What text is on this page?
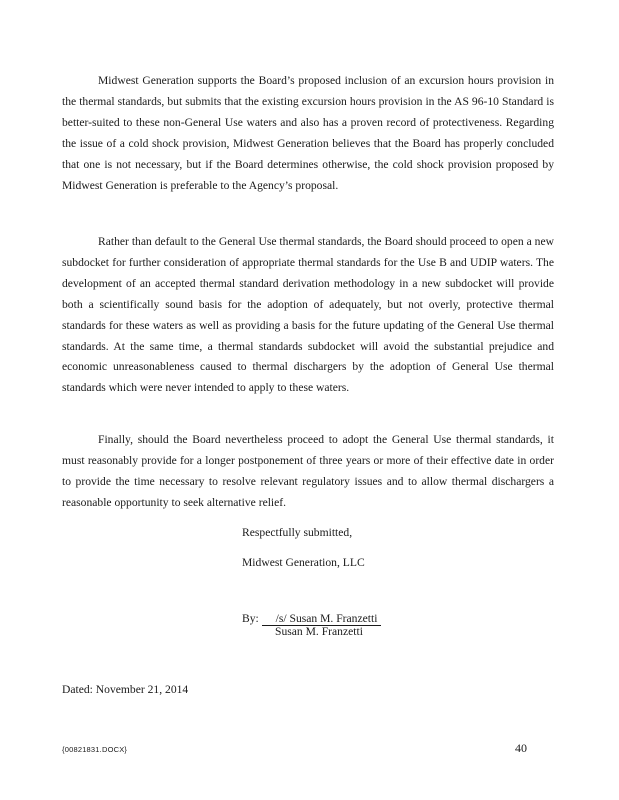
Midwest Generation supports the Board’s proposed inclusion of an excursion hours provision in the thermal standards, but submits that the existing excursion hours provision in the AS 96-10 Standard is better-suited to these non-General Use waters and also has a proven record of protectiveness. Regarding the issue of a cold shock provision, Midwest Generation believes that the Board has properly concluded that one is not necessary, but if the Board determines otherwise, the cold shock provision proposed by Midwest Generation is preferable to the Agency’s proposal.

Rather than default to the General Use thermal standards, the Board should proceed to open a new subdocket for further consideration of appropriate thermal standards for the Use B and UDIP waters. The development of an accepted thermal standard derivation methodology in a new subdocket will provide both a scientifically sound basis for the adoption of adequately, but not overly, protective thermal standards for these waters as well as providing a basis for the future updating of the General Use thermal standards. At the same time, a thermal standards subdocket will avoid the substantial prejudice and economic unreasonableness caused to thermal dischargers by the adoption of General Use thermal standards which were never intended to apply to these waters.

Finally, should the Board nevertheless proceed to adopt the General Use thermal standards, it must reasonably provide for a longer postponement of three years or more of their effective date in order to provide the time necessary to resolve relevant regulatory issues and to allow thermal dischargers a reasonable opportunity to seek alternative relief.

Respectfully submitted,

Midwest Generation, LLC

By: /s/ Susan M. Franzetti

Susan M. Franzetti

Dated: November 21, 2014

{00821831.DOCX}	40
